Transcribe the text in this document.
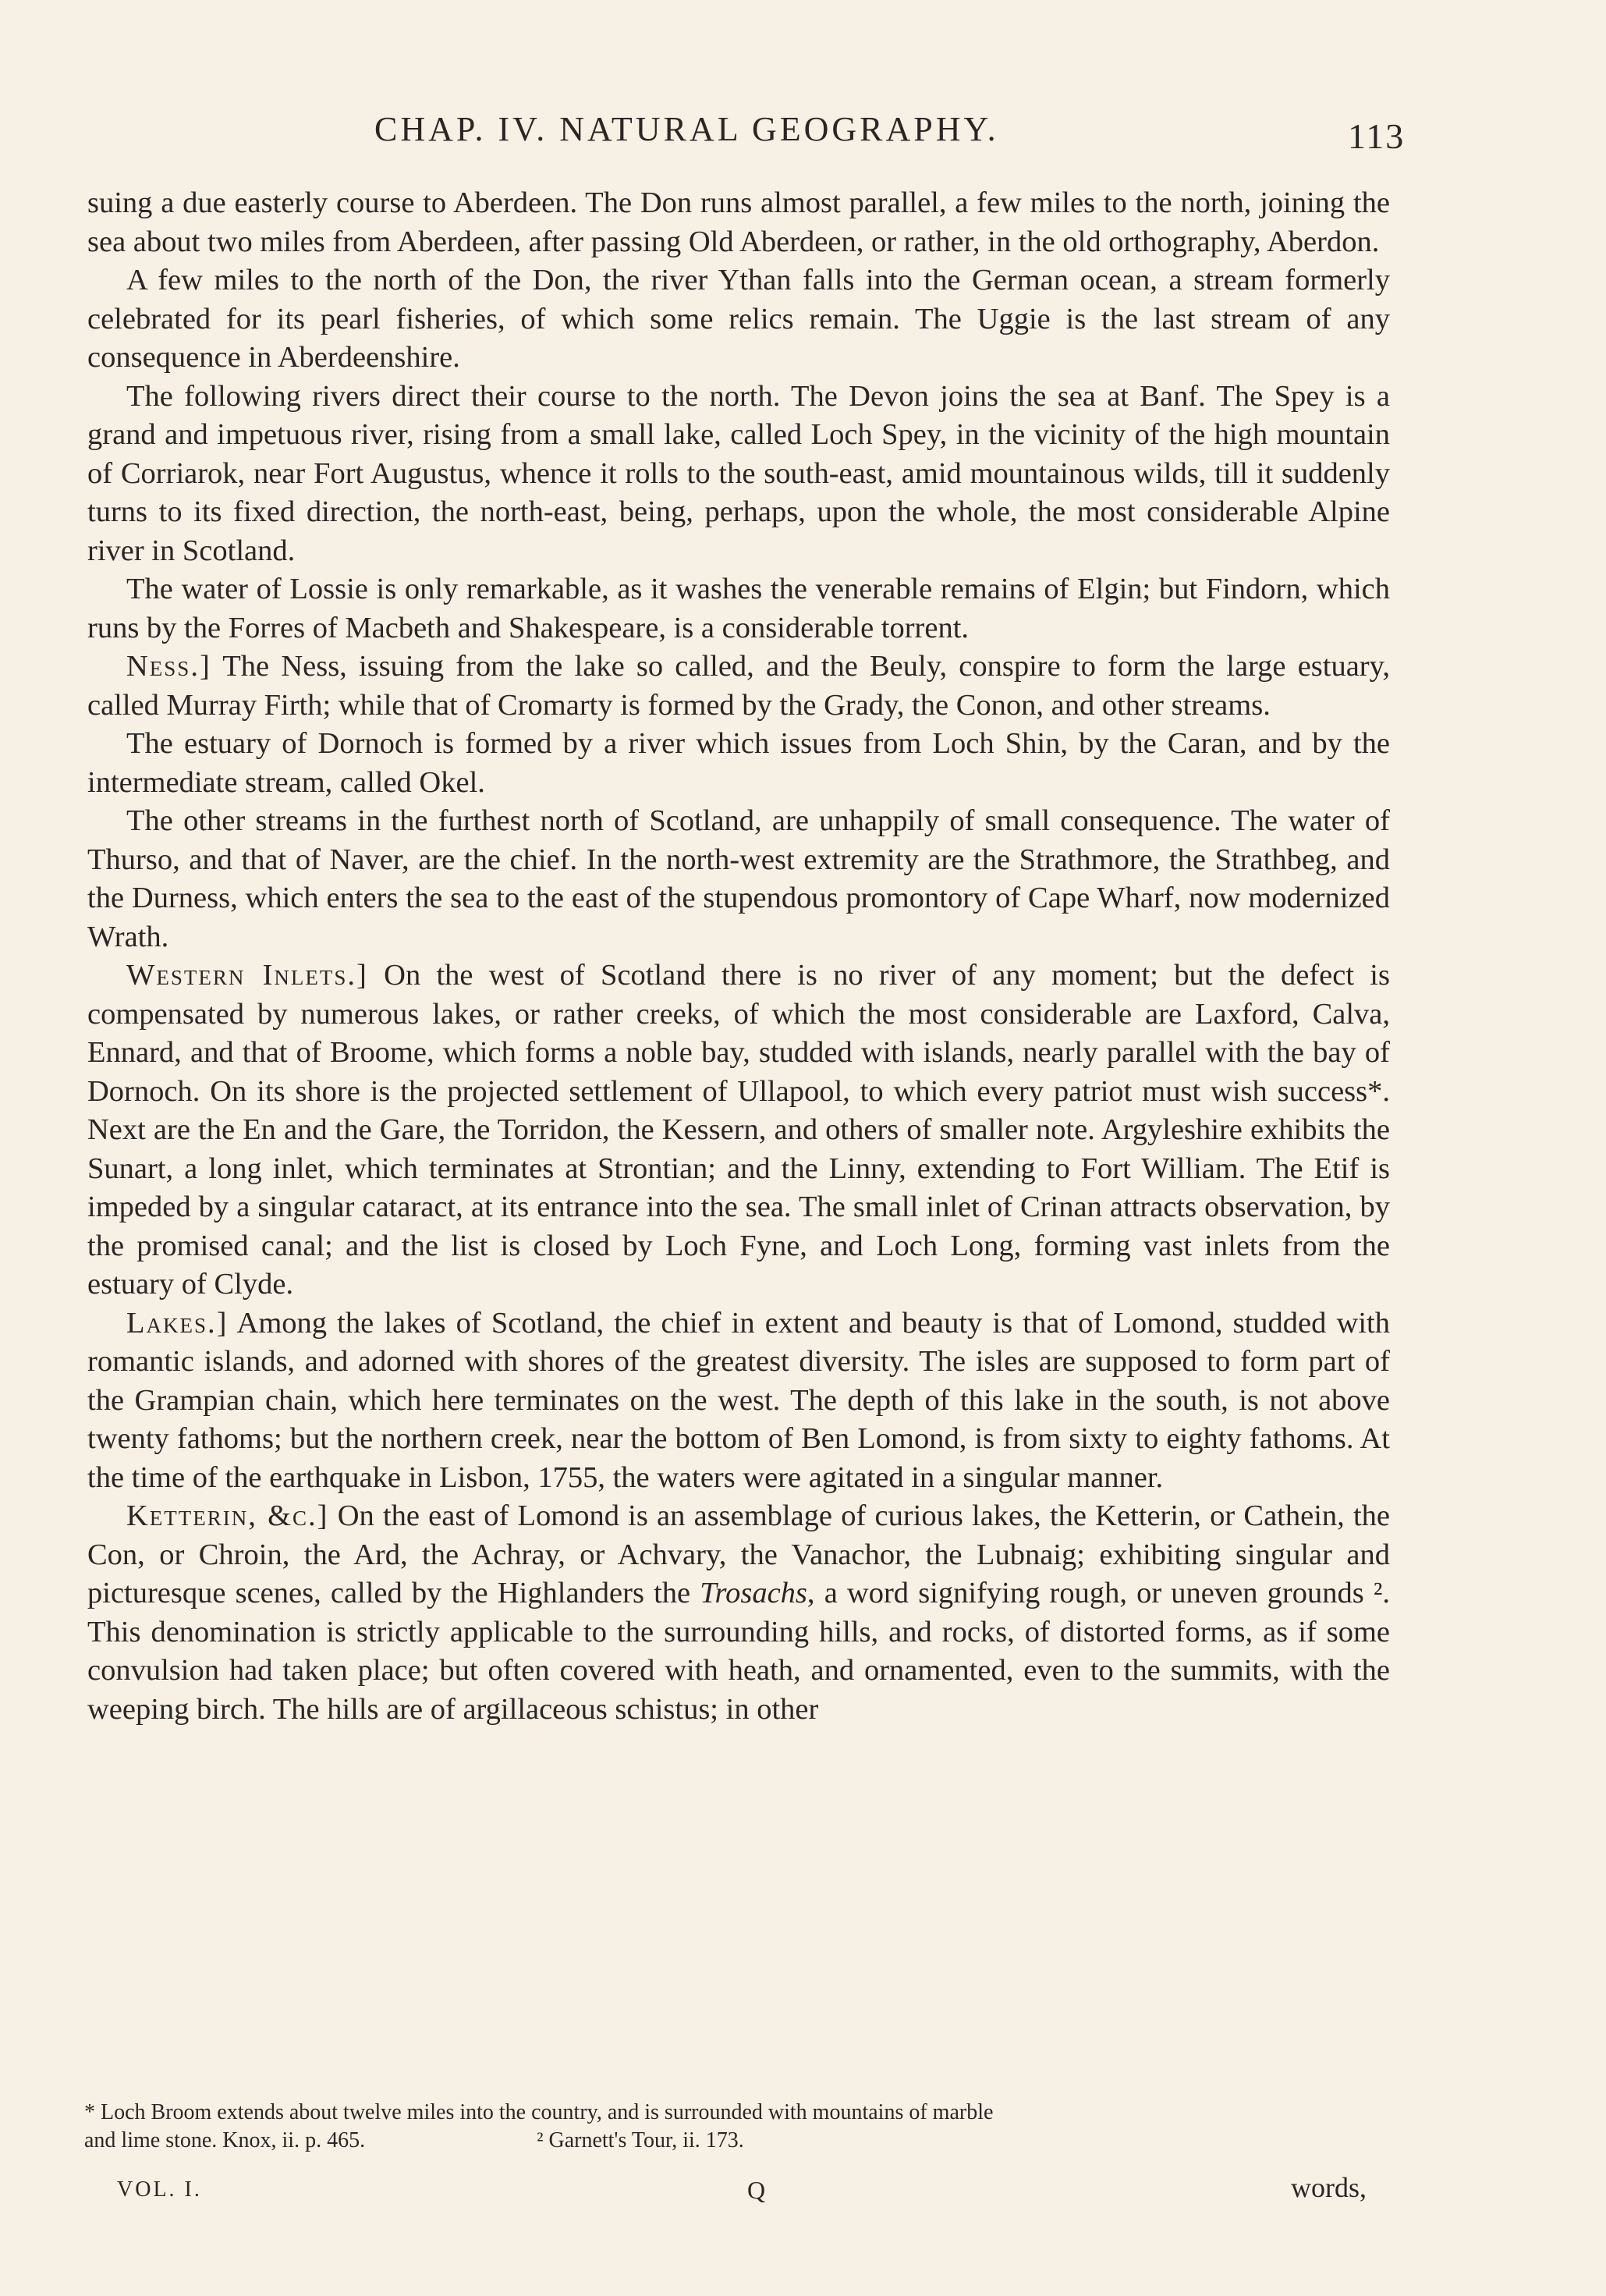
CHAP. IV. NATURAL GEOGRAPHY.	113

suing a due easterly course to Aberdeen. The Don runs almost parallel, a few miles to the north, joining the sea about two miles from Aberdeen, after passing Old Aberdeen, or rather, in the old orthography, Aberdon.

A few miles to the north of the Don, the river Ythan falls into the German ocean, a stream formerly celebrated for its pearl fisheries, of which some relics remain. The Uggie is the last stream of any consequence in Aberdeenshire.

The following rivers direct their course to the north. The Devon joins the sea at Banf. The Spey is a grand and impetuous river, rising from a small lake, called Loch Spey, in the vicinity of the high mountain of Corriarok, near Fort Augustus, whence it rolls to the south-east, amid mountainous wilds, till it suddenly turns to its fixed direction, the north-east, being, perhaps, upon the whole, the most considerable Alpine river in Scotland.

The water of Lossie is only remarkable, as it washes the venerable remains of Elgin; but Findorn, which runs by the Forres of Macbeth and Shakespeare, is a considerable torrent.

Ness.] The Ness, issuing from the lake so called, and the Beuly, conspire to form the large estuary, called Murray Firth; while that of Cromarty is formed by the Grady, the Conon, and other streams.

The estuary of Dornoch is formed by a river which issues from Loch Shin, by the Caran, and by the intermediate stream, called Okel.

The other streams in the furthest north of Scotland, are unhappily of small consequence. The water of Thurso, and that of Naver, are the chief. In the north-west extremity are the Strathmore, the Strathbeg, and the Durness, which enters the sea to the east of the stupendous promontory of Cape Wharf, now modernized Wrath.

Western Inlets.] On the west of Scotland there is no river of any moment; but the defect is compensated by numerous lakes, or rather creeks, of which the most considerable are Laxford, Calva, Ennard, and that of Broome, which forms a noble bay, studded with islands, nearly parallel with the bay of Dornoch. On its shore is the projected settlement of Ullapool, to which every patriot must wish success*. Next are the En and the Gare, the Torridon, the Kessern, and others of smaller note. Argyleshire exhibits the Sunart, a long inlet, which terminates at Strontian; and the Linny, extending to Fort William. The Etif is impeded by a singular cataract, at its entrance into the sea. The small inlet of Crinan attracts observation, by the promised canal; and the list is closed by Loch Fyne, and Loch Long, forming vast inlets from the estuary of Clyde.

Lakes.] Among the lakes of Scotland, the chief in extent and beauty is that of Lomond, studded with romantic islands, and adorned with shores of the greatest diversity. The isles are supposed to form part of the Grampian chain, which here terminates on the west. The depth of this lake in the south, is not above twenty fathoms; but the northern creek, near the bottom of Ben Lomond, is from sixty to eighty fathoms. At the time of the earthquake in Lisbon, 1755, the waters were agitated in a singular manner.

Ketterin, &c.] On the east of Lomond is an assemblage of curious lakes, the Ketterin, or Cathein, the Con, or Chroin, the Ard, the Achray, or Achvary, the Vanachor, the Lubnaig; exhibiting singular and picturesque scenes, called by the Highlanders the Trosachs, a word signifying rough, or uneven grounds ². This denomination is strictly applicable to the surrounding hills, and rocks, of distorted forms, as if some convulsion had taken place; but often covered with heath, and ornamented, even to the summits, with the weeping birch. The hills are of argillaceous schistus; in other

* Loch Broom extends about twelve miles into the country, and is surrounded with mountains of marble
and lime stone. Knox, ii. p. 465.	² Garnett's Tour, ii. 173.
VOL. I.	Q	words,
